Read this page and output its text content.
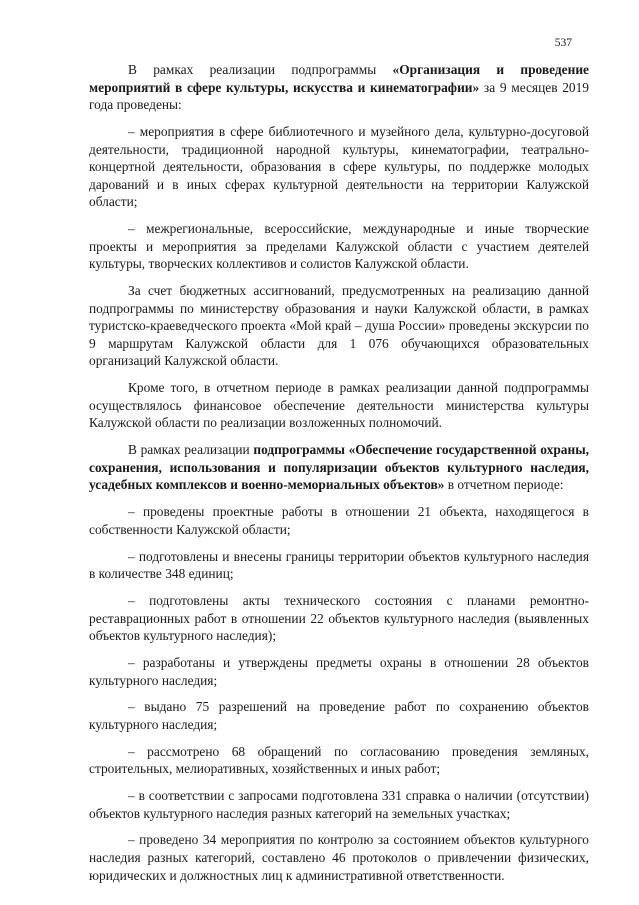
537

В рамках реализации подпрограммы «Организация и проведение мероприятий в сфере культуры, искусства и кинематографии» за 9 месяцев 2019 года проведены:

– мероприятия в сфере библиотечного и музейного дела, культурно-досуговой деятельности, традиционной народной культуры, кинематографии, театрально-концертной деятельности, образования в сфере культуры, по поддержке молодых дарований и в иных сферах культурной деятельности на территории Калужской области;

– межрегиональные, всероссийские, международные и иные творческие проекты и мероприятия за пределами Калужской области с участием деятелей культуры, творческих коллективов и солистов Калужской области.

За счет бюджетных ассигнований, предусмотренных на реализацию данной подпрограммы по министерству образования и науки Калужской области, в рамках туристско-краеведческого проекта «Мой край – душа России» проведены экскурсии по 9 маршрутам Калужской области для 1 076 обучающихся образовательных организаций Калужской области.

Кроме того, в отчетном периоде в рамках реализации данной подпрограммы осуществлялось финансовое обеспечение деятельности министерства культуры Калужской области по реализации возложенных полномочий.

В рамках реализации подпрограммы «Обеспечение государственной охраны, сохранения, использования и популяризации объектов культурного наследия, усадебных комплексов и военно-мемориальных объектов» в отчетном периоде:

– проведены проектные работы в отношении 21 объекта, находящегося в собственности Калужской области;

– подготовлены и внесены границы территории объектов культурного наследия в количестве 348 единиц;

– подготовлены акты технического состояния с планами ремонтно-реставрационных работ в отношении 22 объектов культурного наследия (выявленных объектов культурного наследия);

– разработаны и утверждены предметы охраны в отношении 28 объектов культурного наследия;

– выдано 75 разрешений на проведение работ по сохранению объектов культурного наследия;

– рассмотрено 68 обращений по согласованию проведения земляных, строительных, мелиоративных, хозяйственных и иных работ;

– в соответствии с запросами подготовлена 331 справка о наличии (отсутствии) объектов культурного наследия разных категорий на земельных участках;

– проведено 34 мероприятия по контролю за состоянием объектов культурного наследия разных категорий, составлено 46 протоколов о привлечении физических, юридических и должностных лиц к административной ответственности.
